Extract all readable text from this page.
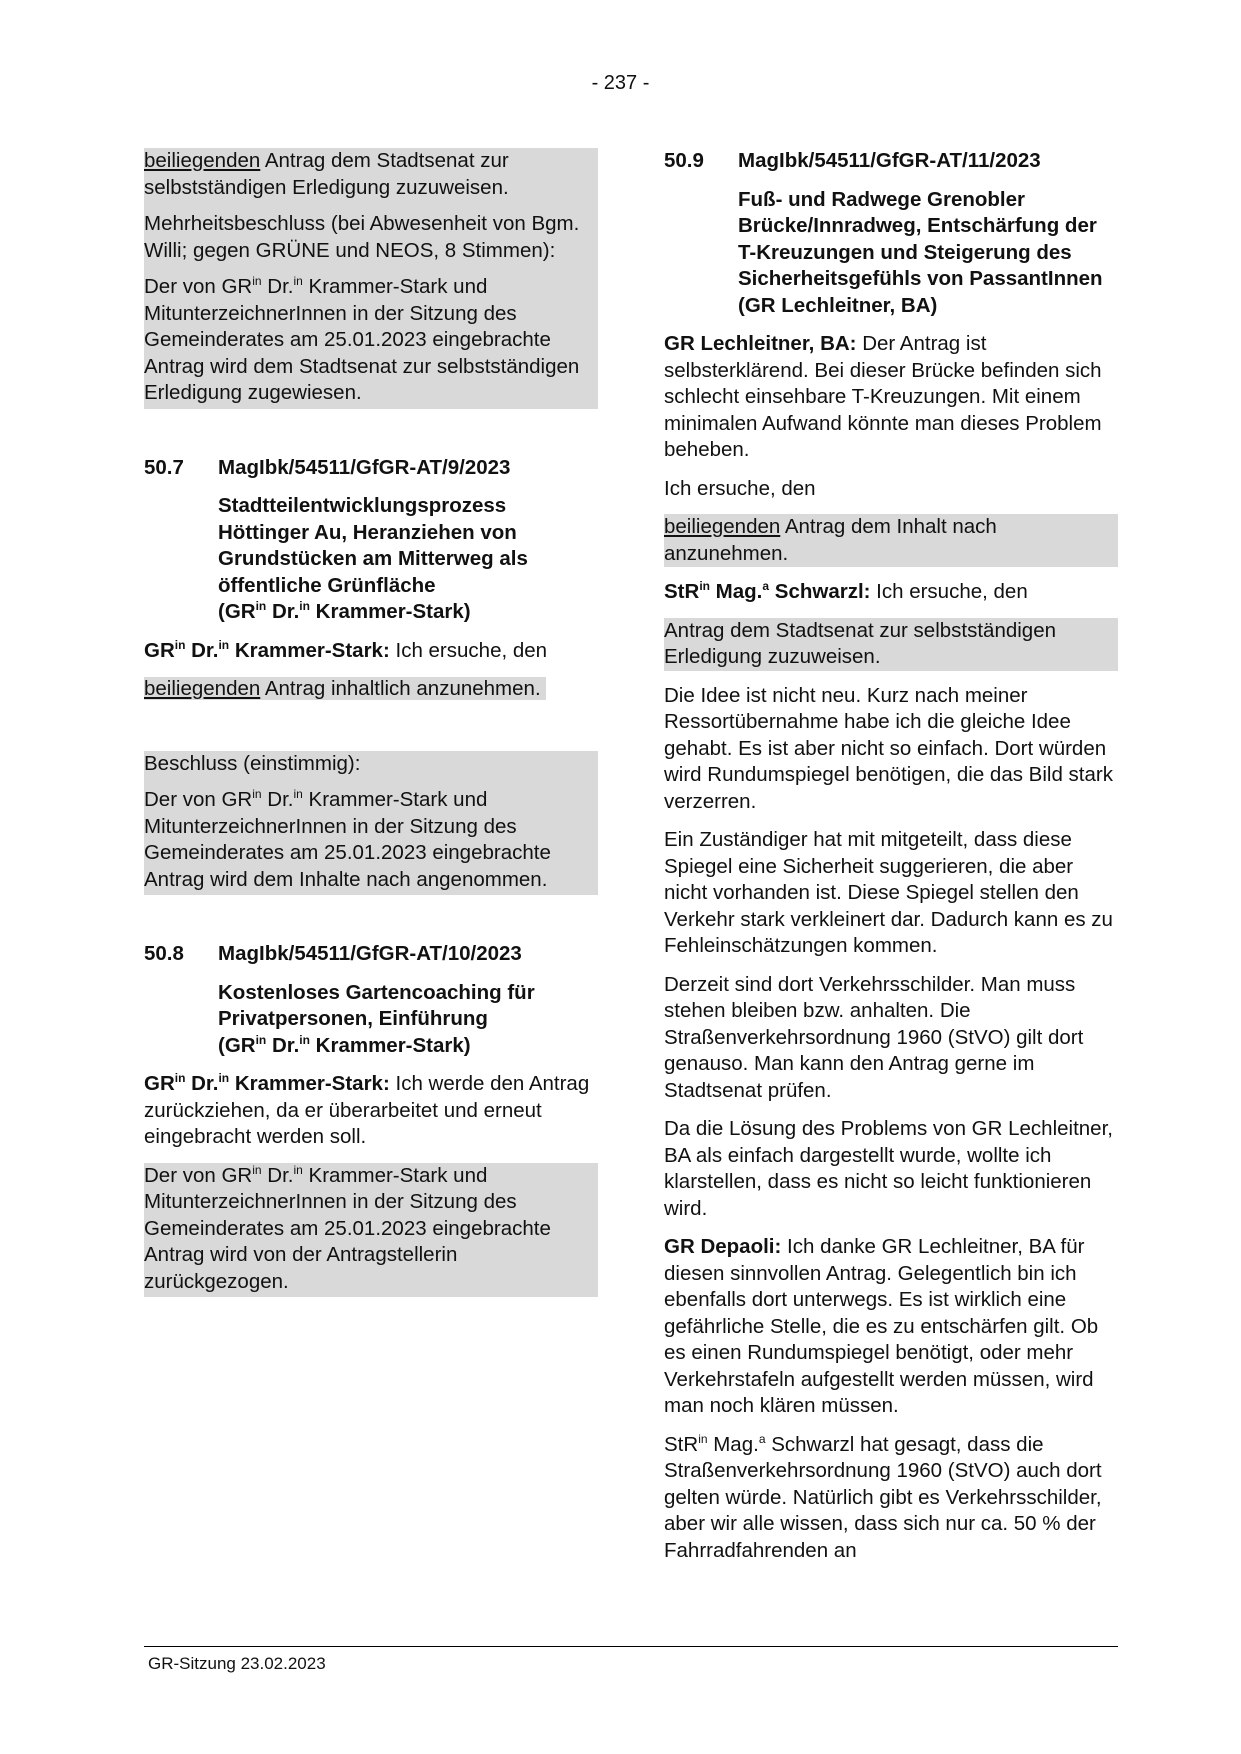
- 237 -

beiliegenden Antrag dem Stadtsenat zur selbstständigen Erledigung zuzuweisen.

Mehrheitsbeschluss (bei Abwesenheit von Bgm. Willi; gegen GRÜNE und NEOS, 8 Stimmen):

Der von $GR^{in}$ Dr.$^{in}$ Krammer-Stark und MitunterzeichnerInnen in der Sitzung des Gemeinderates am 25.01.2023 eingebrachte Antrag wird dem Stadtsenat zur selbstständigen Erledigung zugewiesen.

50.7	MagIbk/54511/GfGR-AT/9/2023
Stadtteilentwicklungsprozess Höttinger Au, Heranziehen von Grundstücken am Mitterweg als öffentliche Grünfläche
($GR^{in}$ Dr.$^{in}$ Krammer-Stark)

$GR^{in}$ Dr.$^{in}$ Krammer-Stark: Ich ersuche, den

beiliegenden Antrag inhaltlich anzunehmen.

Beschluss (einstimmig):

Der von $GR^{in}$ Dr.$^{in}$ Krammer-Stark und MitunterzeichnerInnen in der Sitzung des Gemeinderates am 25.01.2023 eingebrachte Antrag wird dem Inhalte nach angenommen.

50.8	MagIbk/54511/GfGR-AT/10/2023
Kostenloses Gartencoaching für Privatpersonen, Einführung
($GR^{in}$ Dr.$^{in}$ Krammer-Stark)

$GR^{in}$ Dr.$^{in}$ Krammer-Stark: Ich werde den Antrag zurückziehen, da er überarbeitet und erneut eingebracht werden soll.

Der von $GR^{in}$ Dr.$^{in}$ Krammer-Stark und MitunterzeichnerInnen in der Sitzung des Gemeinderates am 25.01.2023 eingebrachte Antrag wird von der Antragstellerin zurückgezogen.

50.9	MagIbk/54511/GfGR-AT/11/2023
Fuß- und Radwege Grenobler Brücke/Innradweg, Entschärfung der T-Kreuzungen und Steigerung des Sicherheitsgefühls von PassantInnen (GR Lechleitner, BA)

GR Lechleitner, BA: Der Antrag ist selbsterklärend. Bei dieser Brücke befinden sich schlecht einsehbare T-Kreuzungen. Mit einem minimalen Aufwand könnte man dieses Problem beheben.

Ich ersuche, den

beiliegenden Antrag dem Inhalt nach anzunehmen.

StR$^{in}$ Mag.$^a$ Schwarzl: Ich ersuche, den

Antrag dem Stadtsenat zur selbstständigen Erledigung zuzuweisen.

Die Idee ist nicht neu. Kurz nach meiner Ressortübernahme habe ich die gleiche Idee gehabt. Es ist aber nicht so einfach. Dort würden wird Rundumspiegel benötigen, die das Bild stark verzerren.

Ein Zuständiger hat mit mitgeteilt, dass diese Spiegel eine Sicherheit suggerieren, die aber nicht vorhanden ist. Diese Spiegel stellen den Verkehr stark verkleinert dar. Dadurch kann es zu Fehleinschätzungen kommen.

Derzeit sind dort Verkehrsschilder. Man muss stehen bleiben bzw. anhalten. Die Straßenverkehrsordnung 1960 (StVO) gilt dort genauso. Man kann den Antrag gerne im Stadtsenat prüfen.

Da die Lösung des Problems von GR Lechleitner, BA als einfach dargestellt wurde, wollte ich klarstellen, dass es nicht so leicht funktionieren wird.

GR Depaoli: Ich danke GR Lechleitner, BA für diesen sinnvollen Antrag. Gelegentlich bin ich ebenfalls dort unterwegs. Es ist wirklich eine gefährliche Stelle, die es zu entschärfen gilt. Ob es einen Rundumspiegel benötigt, oder mehr Verkehrstafeln aufgestellt werden müssen, wird man noch klären müssen.

StR$^{in}$ Mag.$^a$ Schwarzl hat gesagt, dass die Straßenverkehrsordnung 1960 (StVO) auch dort gelten würde. Natürlich gibt es Verkehrsschilder, aber wir alle wissen, dass sich nur ca. 50 % der Fahrradfahrenden an

GR-Sitzung 23.02.2023
